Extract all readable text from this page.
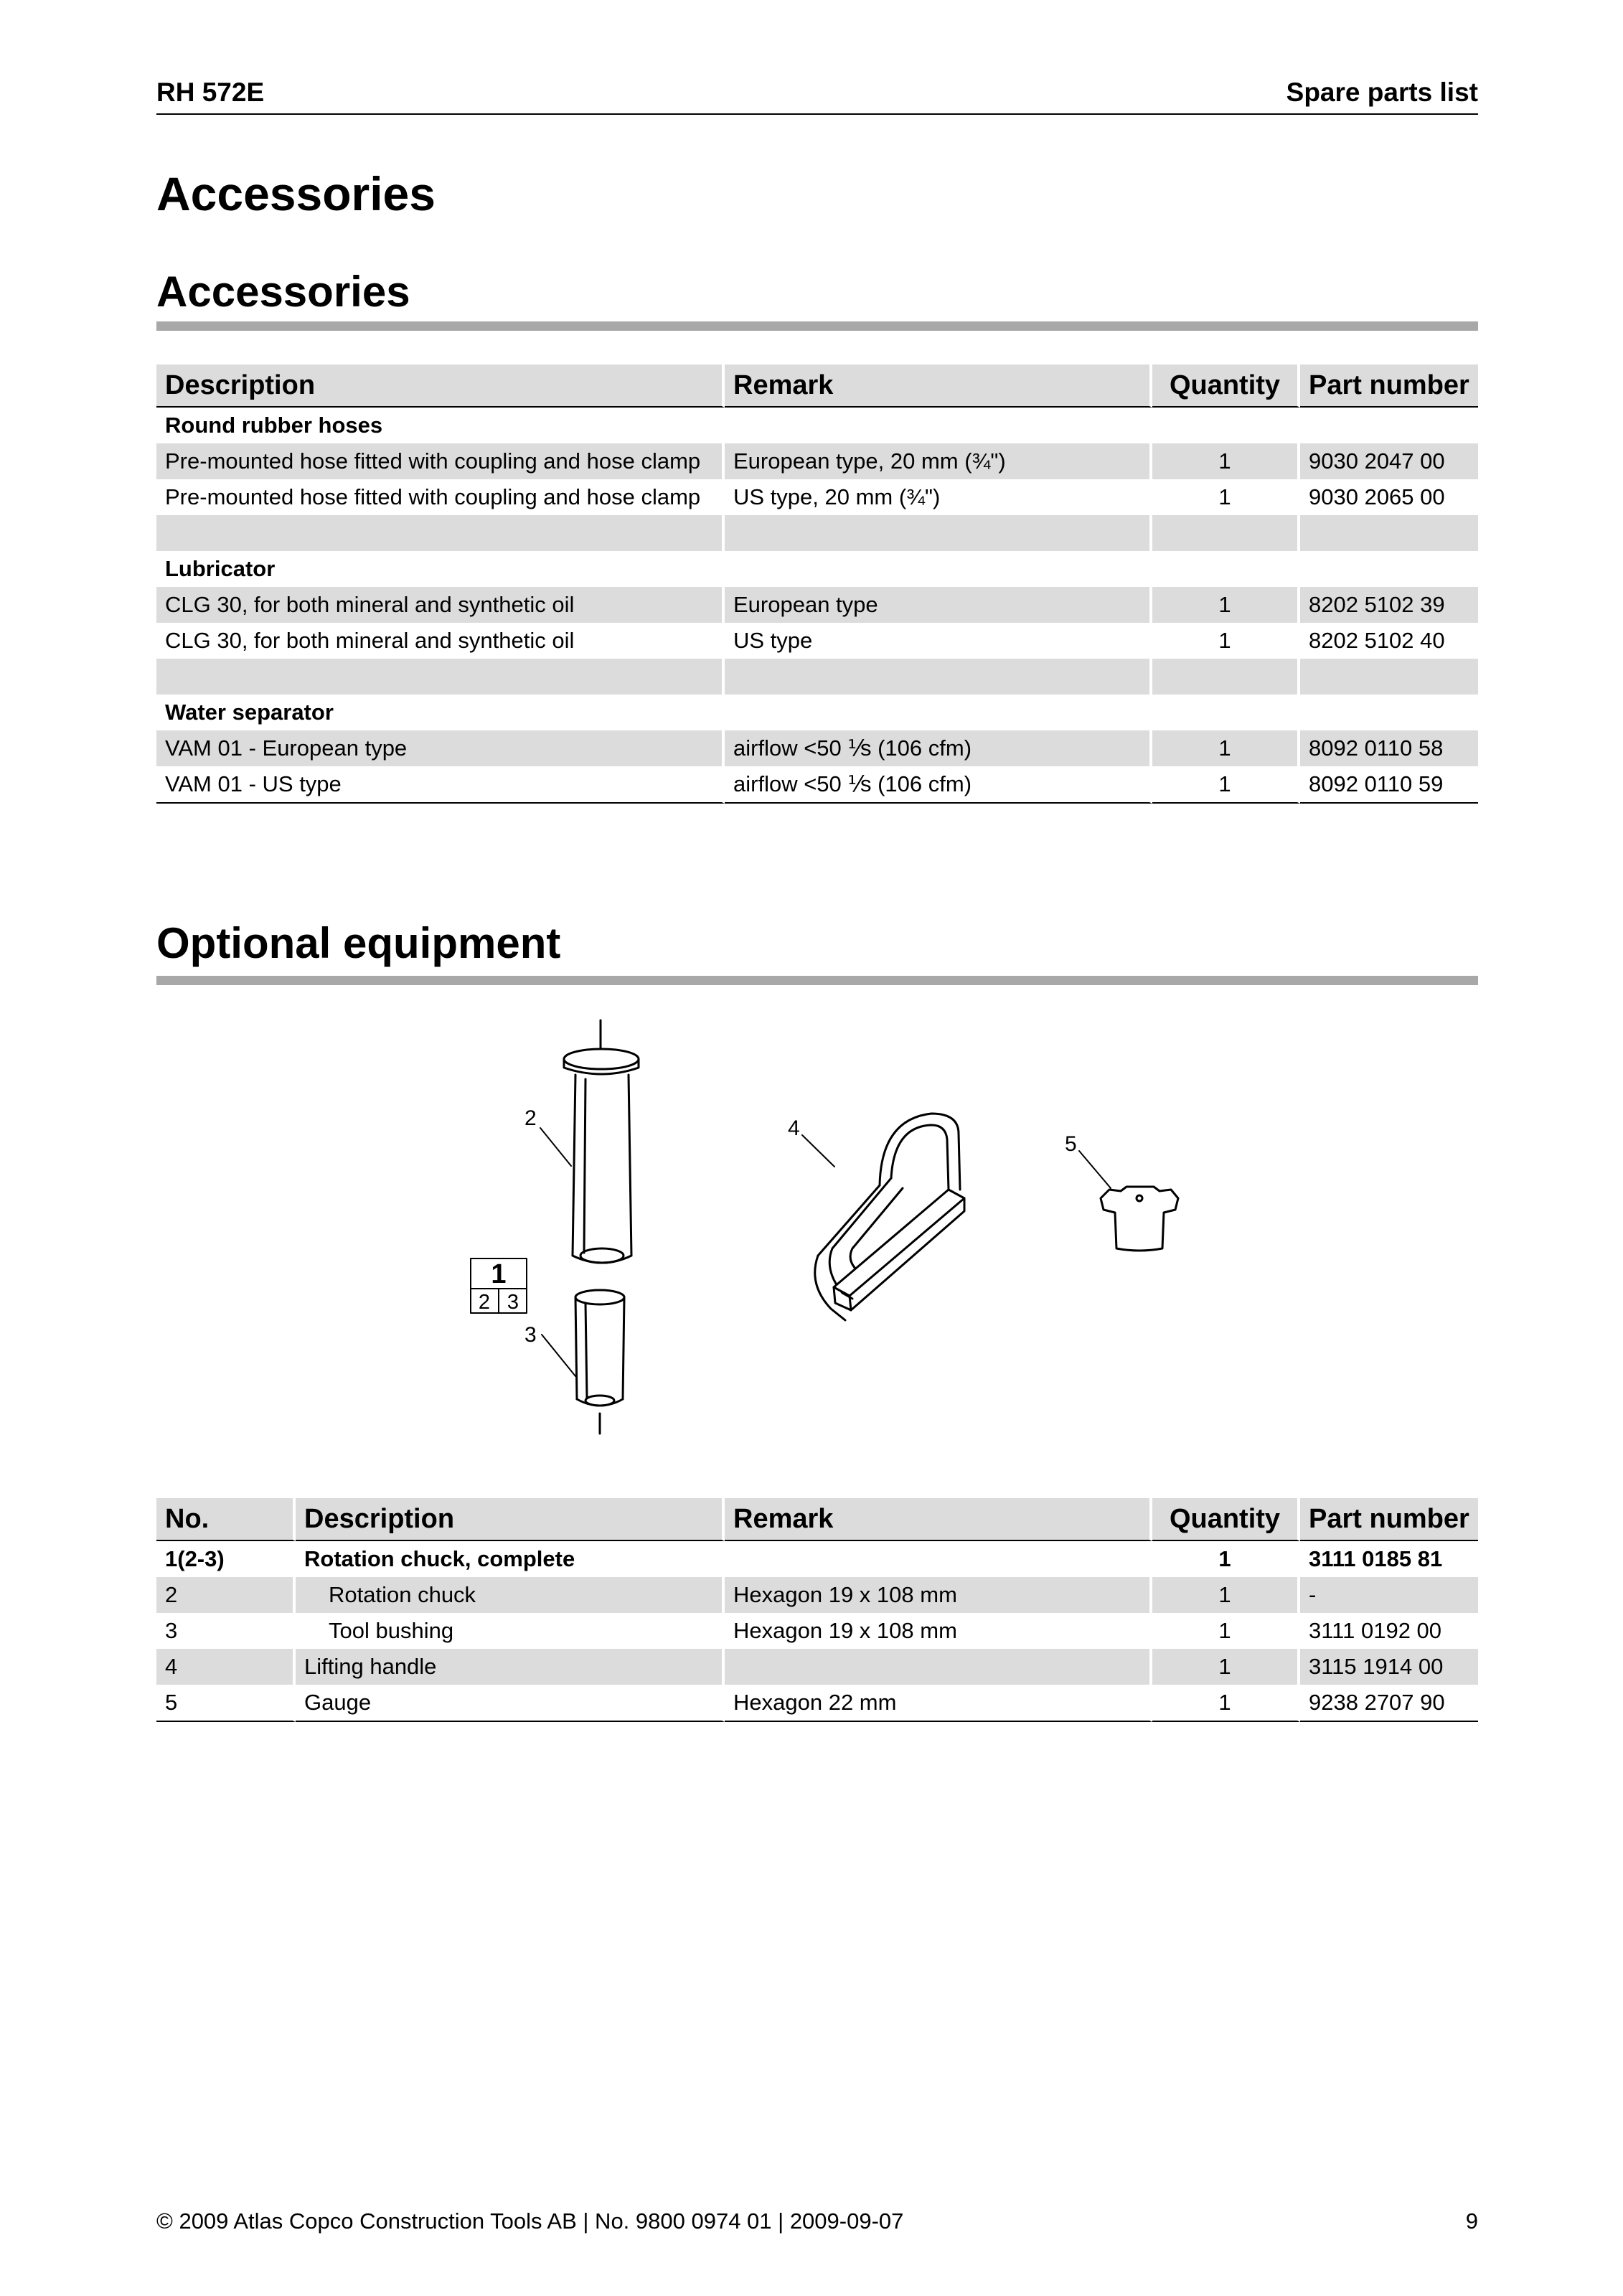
RH 572E	Spare parts list
Accessories
Accessories
Description	Remark	Quantity	Part number
Round rubber hoses			
Pre-mounted hose fitted with coupling and hose clamp	European type, 20 mm (¾")	1	9030 2047 00
Pre-mounted hose fitted with coupling and hose clamp	US type, 20 mm (¾")	1	9030 2065 00

Lubricator			
CLG 30, for both mineral and synthetic oil	European type	1	8202 5102 39
CLG 30, for both mineral and synthetic oil	US type	1	8202 5102 40

Water separator			
VAM 01 - European type	airflow <50 ⅟s (106 cfm)	1	8092 0110 58
VAM 01 - US type	airflow <50 ⅟s (106 cfm)	1	8092 0110 59
Optional equipment
2
3
4
5
1
2 3
No.	Description	Remark	Quantity	Part number
1(2-3)	Rotation chuck, complete		1	3111 0185 81
2	Rotation chuck	Hexagon 19 x 108 mm	1	-
3	Tool bushing	Hexagon 19 x 108 mm	1	3111 0192 00
4	Lifting handle		1	3115 1914 00
5	Gauge	Hexagon 22 mm	1	9238 2707 90
© 2009 Atlas Copco Construction Tools AB | No. 9800 0974 01 | 2009-09-07	9
